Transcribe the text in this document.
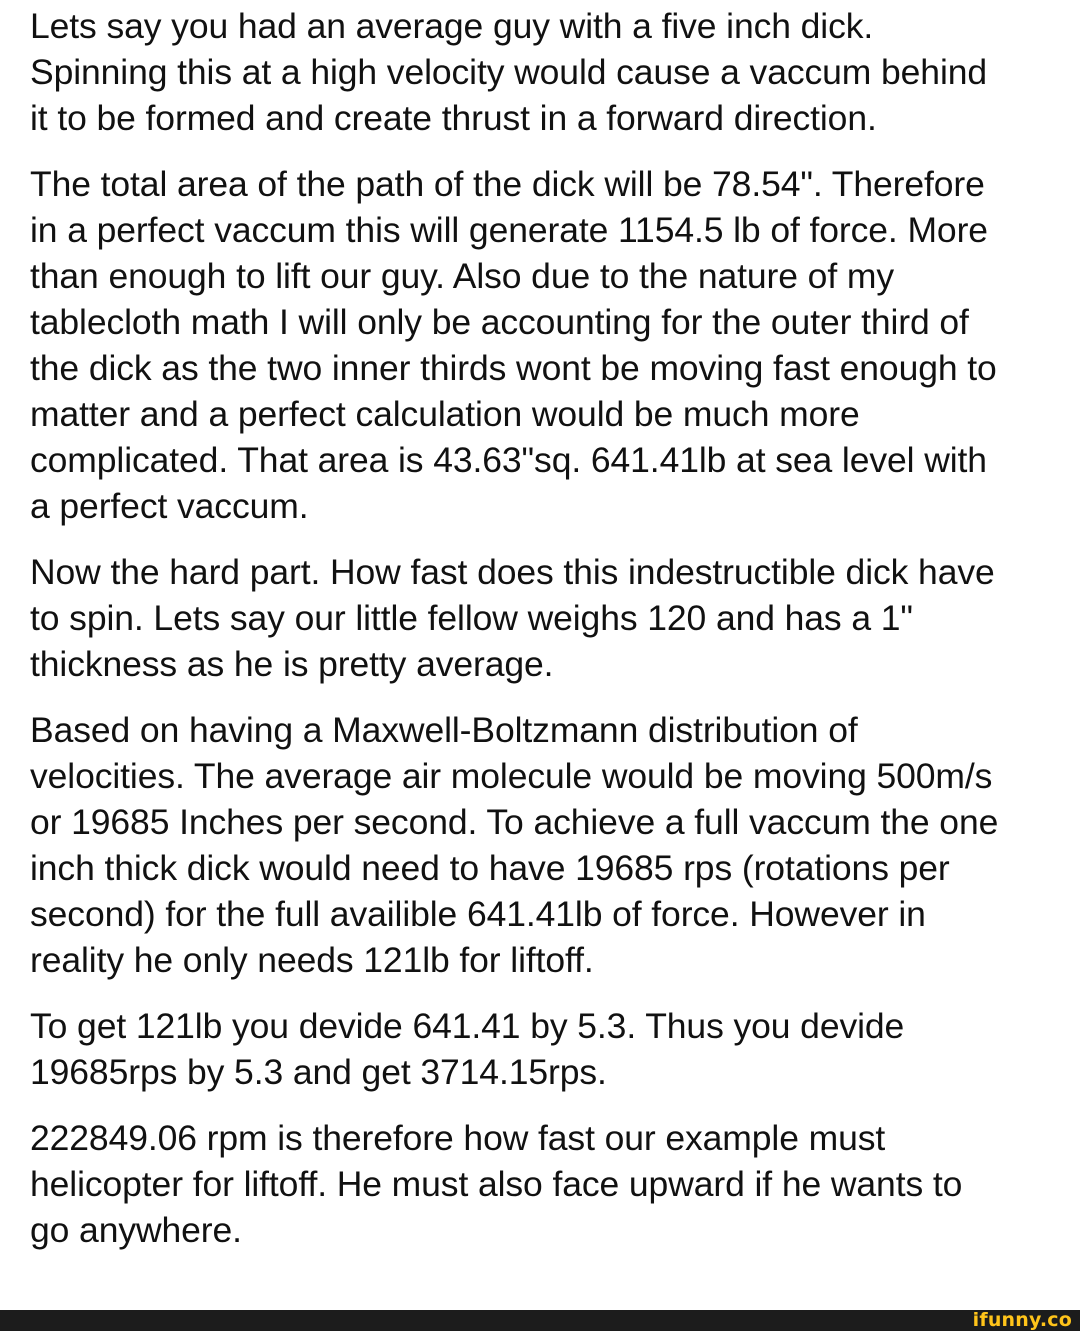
Lets say you had an average guy with a five inch dick.
Spinning this at a high velocity would cause a vaccum behind
it to be formed and create thrust in a forward direction.

The total area of the path of the dick will be 78.54". Therefore
in a perfect vaccum this will generate 1154.5 lb of force. More
than enough to lift our guy. Also due to the nature of my
tablecloth math I will only be accounting for the outer third of
the dick as the two inner thirds wont be moving fast enough to
matter and a perfect calculation would be much more
complicated. That area is 43.63"sq. 641.41lb at sea level with
a perfect vaccum.

Now the hard part. How fast does this indestructible dick have
to spin. Lets say our little fellow weighs 120 and has a 1"
thickness as he is pretty average.

Based on having a Maxwell-Boltzmann distribution of
velocities. The average air molecule would be moving 500m/s
or 19685 Inches per second. To achieve a full vaccum the one
inch thick dick would need to have 19685 rps (rotations per
second) for the full availible 641.41lb of force. However in
reality he only needs 121lb for liftoff.

To get 121lb you devide 641.41 by 5.3. Thus you devide
19685rps by 5.3 and get 3714.15rps.

222849.06 rpm is therefore how fast our example must
helicopter for liftoff. He must also face upward if he wants to
go anywhere.

ifunny.co
